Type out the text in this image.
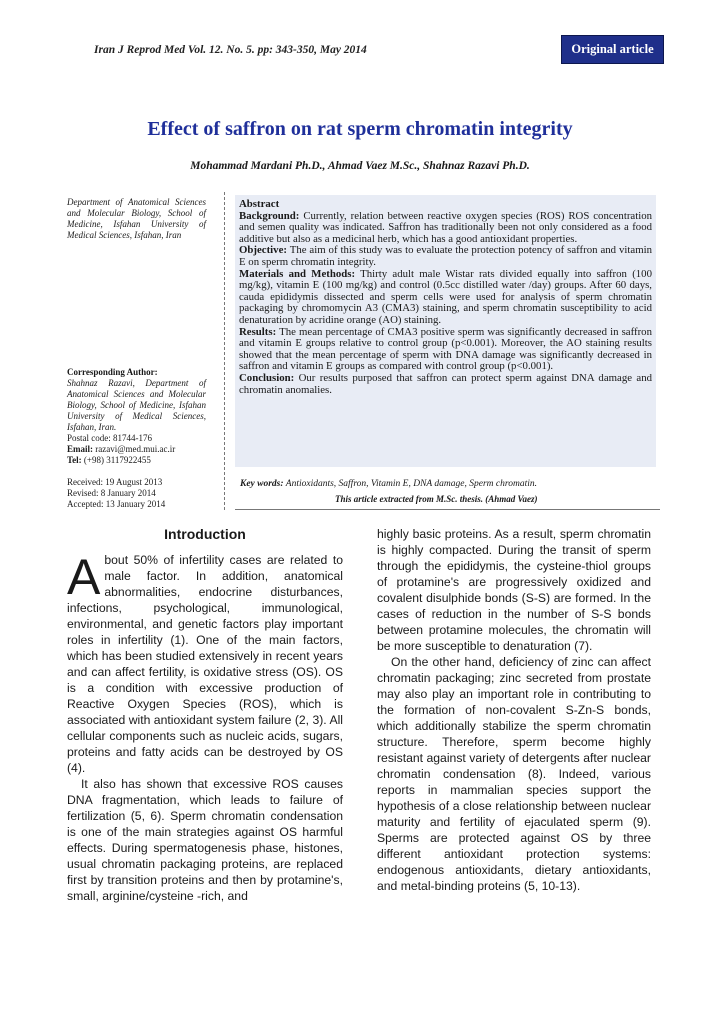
Iran J Reprod Med Vol. 12. No. 5. pp: 343-350, May 2014	Original article
Effect of saffron on rat sperm chromatin integrity
Mohammad Mardani Ph.D., Ahmad Vaez M.Sc., Shahnaz Razavi Ph.D.
Department of Anatomical Sciences and Molecular Biology, School of Medicine, Isfahan University of Medical Sciences, Isfahan, Iran
Corresponding Author:
Shahnaz Razavi, Department of Anatomical Sciences and Molecular Biology, School of Medicine, Isfahan University of Medical Sciences, Isfahan, Iran.
Postal code: 81744-176
Email: razavi@med.mui.ac.ir
Tel: (+98) 3117922455
Received: 19 August 2013
Revised: 8 January 2014
Accepted: 13 January 2014
Abstract

Background: Currently, relation between reactive oxygen species (ROS) ROS concentration and semen quality was indicated. Saffron has traditionally been not only considered as a food additive but also as a medicinal herb, which has a good antioxidant properties.

Objective: The aim of this study was to evaluate the protection potency of saffron and vitamin E on sperm chromatin integrity.

Materials and Methods: Thirty adult male Wistar rats divided equally into saffron (100 mg/kg), vitamin E (100 mg/kg) and control (0.5cc distilled water /day) groups. After 60 days, cauda epididymis dissected and sperm cells were used for analysis of sperm chromatin packaging by chromomycin A3 (CMA3) staining, and sperm chromatin susceptibility to acid denaturation by acridine orange (AO) staining.

Results: The mean percentage of CMA3 positive sperm was significantly decreased in saffron and vitamin E groups relative to control group (p<0.001). Moreover, the AO staining results showed that the mean percentage of sperm with DNA damage was significantly decreased in saffron and vitamin E groups as compared with control group (p<0.001).

Conclusion: Our results purposed that saffron can protect sperm against DNA damage and chromatin anomalies.

Key words: Antioxidants, Saffron, Vitamin E, DNA damage, Sperm chromatin.
This article extracted from M.Sc. thesis. (Ahmad Vaez)
Introduction

About 50% of infertility cases are related to male factor. In addition, anatomical abnormalities, endocrine disturbances, infections, psychological, immunological, environmental, and genetic factors play important roles in infertility (1). One of the main factors, which has been studied extensively in recent years and can affect fertility, is oxidative stress (OS). OS is a condition with excessive production of Reactive Oxygen Species (ROS), which is associated with antioxidant system failure (2, 3). All cellular components such as nucleic acids, sugars, proteins and fatty acids can be destroyed by OS (4).

It also has shown that excessive ROS causes DNA fragmentation, which leads to failure of fertilization (5, 6). Sperm chromatin condensation is one of the main strategies against OS harmful effects. During spermatogenesis phase, histones, usual chromatin packaging proteins, are replaced first by transition proteins and then by protamine's, small, arginine/cysteine -rich, and

highly basic proteins. As a result, sperm chromatin is highly compacted. During the transit of sperm through the epididymis, the cysteine-thiol groups of protamine's are progressively oxidized and covalent disulphide bonds (S-S) are formed. In the cases of reduction in the number of S-S bonds between protamine molecules, the chromatin will be more susceptible to denaturation (7).

On the other hand, deficiency of zinc can affect chromatin packaging; zinc secreted from prostate may also play an important role in contributing to the formation of non-covalent S-Zn-S bonds, which additionally stabilize the sperm chromatin structure. Therefore, sperm become highly resistant against variety of detergents after nuclear chromatin condensation (8). Indeed, various reports in mammalian species support the hypothesis of a close relationship between nuclear maturity and fertility of ejaculated sperm (9). Sperms are protected against OS by three different antioxidant protection systems: endogenous antioxidants, dietary antioxidants, and metal-binding proteins (5, 10-13).
